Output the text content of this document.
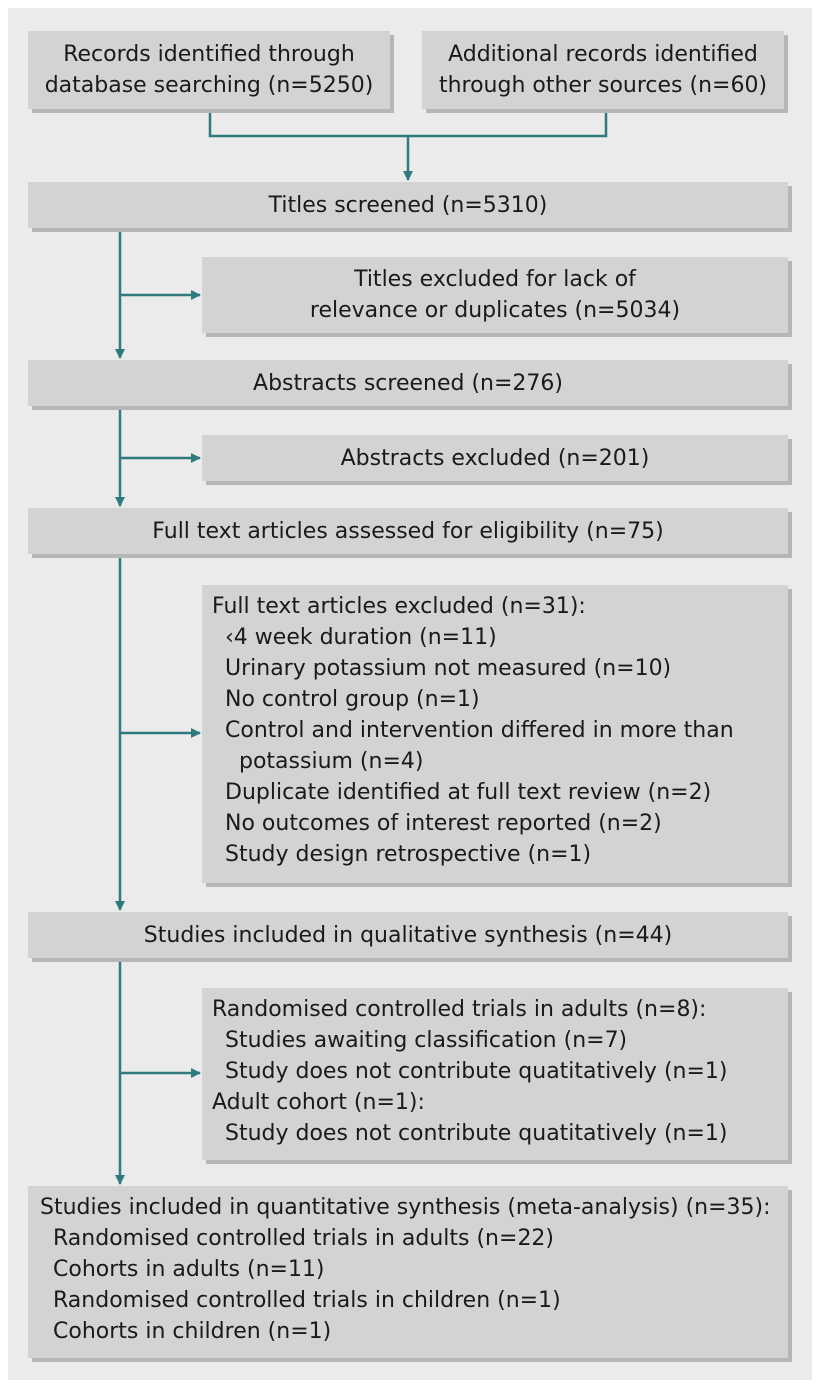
Records identified through
database searching (n=5250)
Additional records identified
through other sources (n=60)
Titles screened (n=5310)
Titles excluded for lack of
relevance or duplicates (n=5034)
Abstracts screened (n=276)
Abstracts excluded (n=201)
Full text articles assessed for eligibility (n=75)
Full text articles excluded (n=31):
‹4 week duration (n=11)
Urinary potassium not measured (n=10)
No control group (n=1)
Control and intervention differed in more than
potassium (n=4)
Duplicate identified at full text review (n=2)
No outcomes of interest reported (n=2)
Study design retrospective (n=1)
Studies included in qualitative synthesis (n=44)
Randomised controlled trials in adults (n=8):
Studies awaiting classification (n=7)
Study does not contribute quatitatively (n=1)
Adult cohort (n=1):
Study does not contribute quatitatively (n=1)
Studies included in quantitative synthesis (meta-analysis) (n=35):
Randomised controlled trials in adults (n=22)
Cohorts in adults (n=11)
Randomised controlled trials in children (n=1)
Cohorts in children (n=1)
